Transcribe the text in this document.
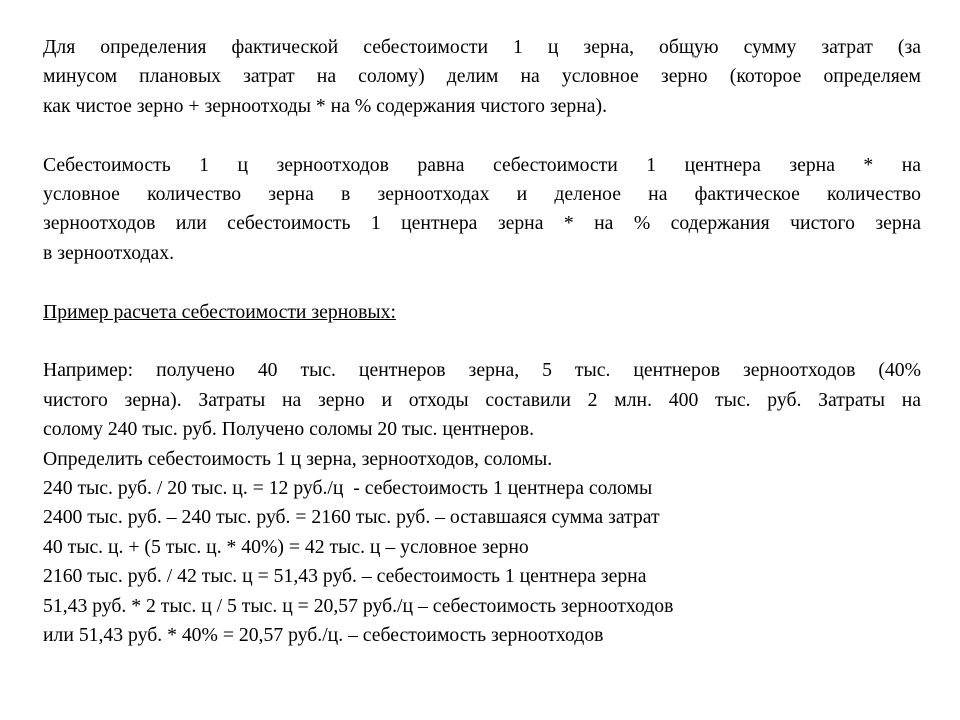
Для определения фактической себестоимости 1 ц зерна, общую сумму затрат (за
минусом плановых затрат на солому) делим на условное зерно (которое определяем
как чистое зерно + зерноотходы * на % содержания чистого зерна).

Себестоимость 1 ц зерноотходов равна себестоимости 1 центнера зерна * на
условное количество зерна в зерноотходах и деленое на фактическое количество
зерноотходов или себестоимость 1 центнера зерна * на % содержания чистого зерна
в зерноотходах.

Пример расчета себестоимости зерновых:

Например: получено 40 тыс. центнеров зерна, 5 тыс. центнеров зерноотходов (40%
чистого зерна). Затраты на зерно и отходы составили 2 млн. 400 тыс. руб. Затраты на
солому 240 тыс. руб. Получено соломы 20 тыс. центнеров.

Определить себестоимость 1 ц зерна, зерноотходов, соломы.
240 тыс. руб. / 20 тыс. ц. = 12 руб./ц  - себестоимость 1 центнера соломы
2400 тыс. руб. – 240 тыс. руб. = 2160 тыс. руб. – оставшаяся сумма затрат
40 тыс. ц. + (5 тыс. ц. * 40%) = 42 тыс. ц – условное зерно
2160 тыс. руб. / 42 тыс. ц = 51,43 руб. – себестоимость 1 центнера зерна
51,43 руб. * 2 тыс. ц / 5 тыс. ц = 20,57 руб./ц – себестоимость зерноотходов
или 51,43 руб. * 40% = 20,57 руб./ц. – себестоимость зерноотходов
